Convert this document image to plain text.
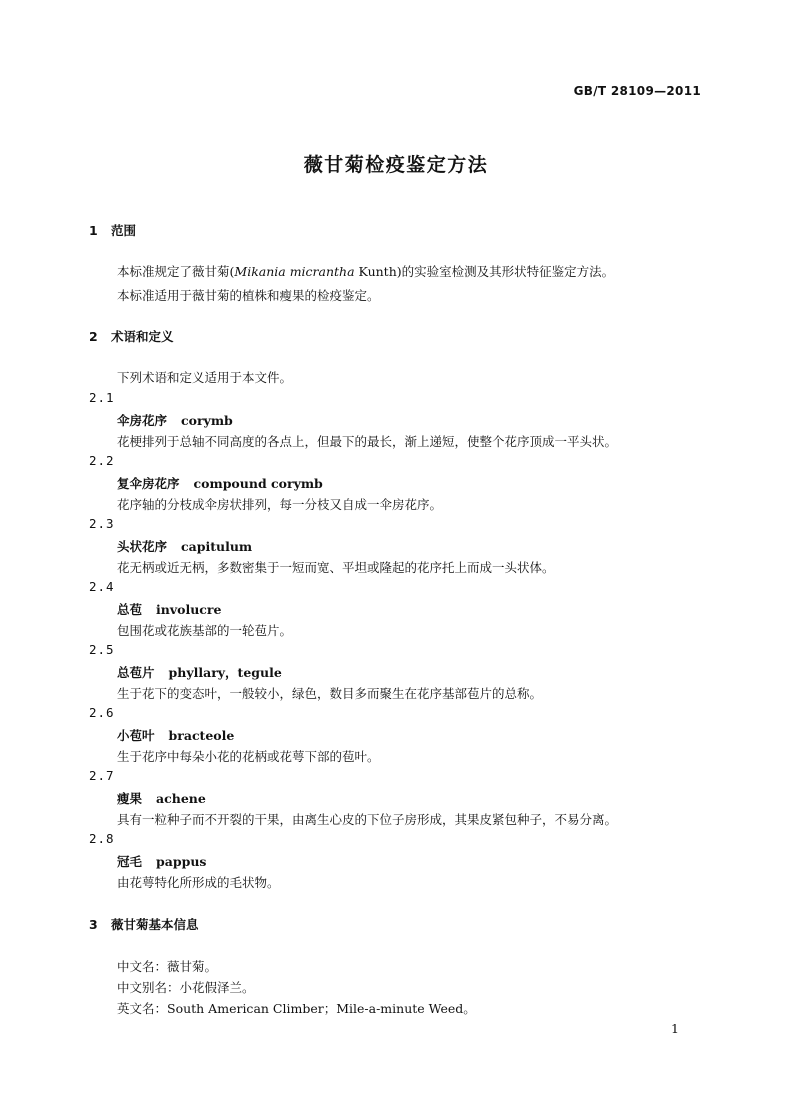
GB/T 28109—2011
薇甘菊检疫鉴定方法
1 范围
本标准规定了薇甘菊(Mikania micrantha Kunth)的实验室检测及其形状特征鉴定方法。
本标准适用于薇甘菊的植株和瘦果的检疫鉴定。
2 术语和定义
下列术语和定义适用于本文件。
2.1
伞房花序 corymb
花梗排列于总轴不同高度的各点上，但最下的最长，渐上递短，使整个花序顶成一平头状。
2.2
复伞房花序 compound corymb
花序轴的分枝成伞房状排列，每一分枝又自成一伞房花序。
2.3
头状花序 capitulum
花无柄或近无柄，多数密集于一短而宽、平坦或隆起的花序托上而成一头状体。
2.4
总苞 involucre
包围花或花族基部的一轮苞片。
2.5
总苞片 phyllary，tegule
生于花下的变态叶，一般较小，绿色，数目多而聚生在花序基部苞片的总称。
2.6
小苞叶 bracteole
生于花序中每朵小花的花柄或花萼下部的苞叶。
2.7
瘦果 achene
具有一粒种子而不开裂的干果，由离生心皮的下位子房形成，其果皮紧包种子，不易分离。
2.8
冠毛 pappus
由花萼特化所形成的毛状物。
3 薇甘菊基本信息
中文名：薇甘菊。
中文别名：小花假泽兰。
英文名：South American Climber；Mile-a-minute Weed。
1
